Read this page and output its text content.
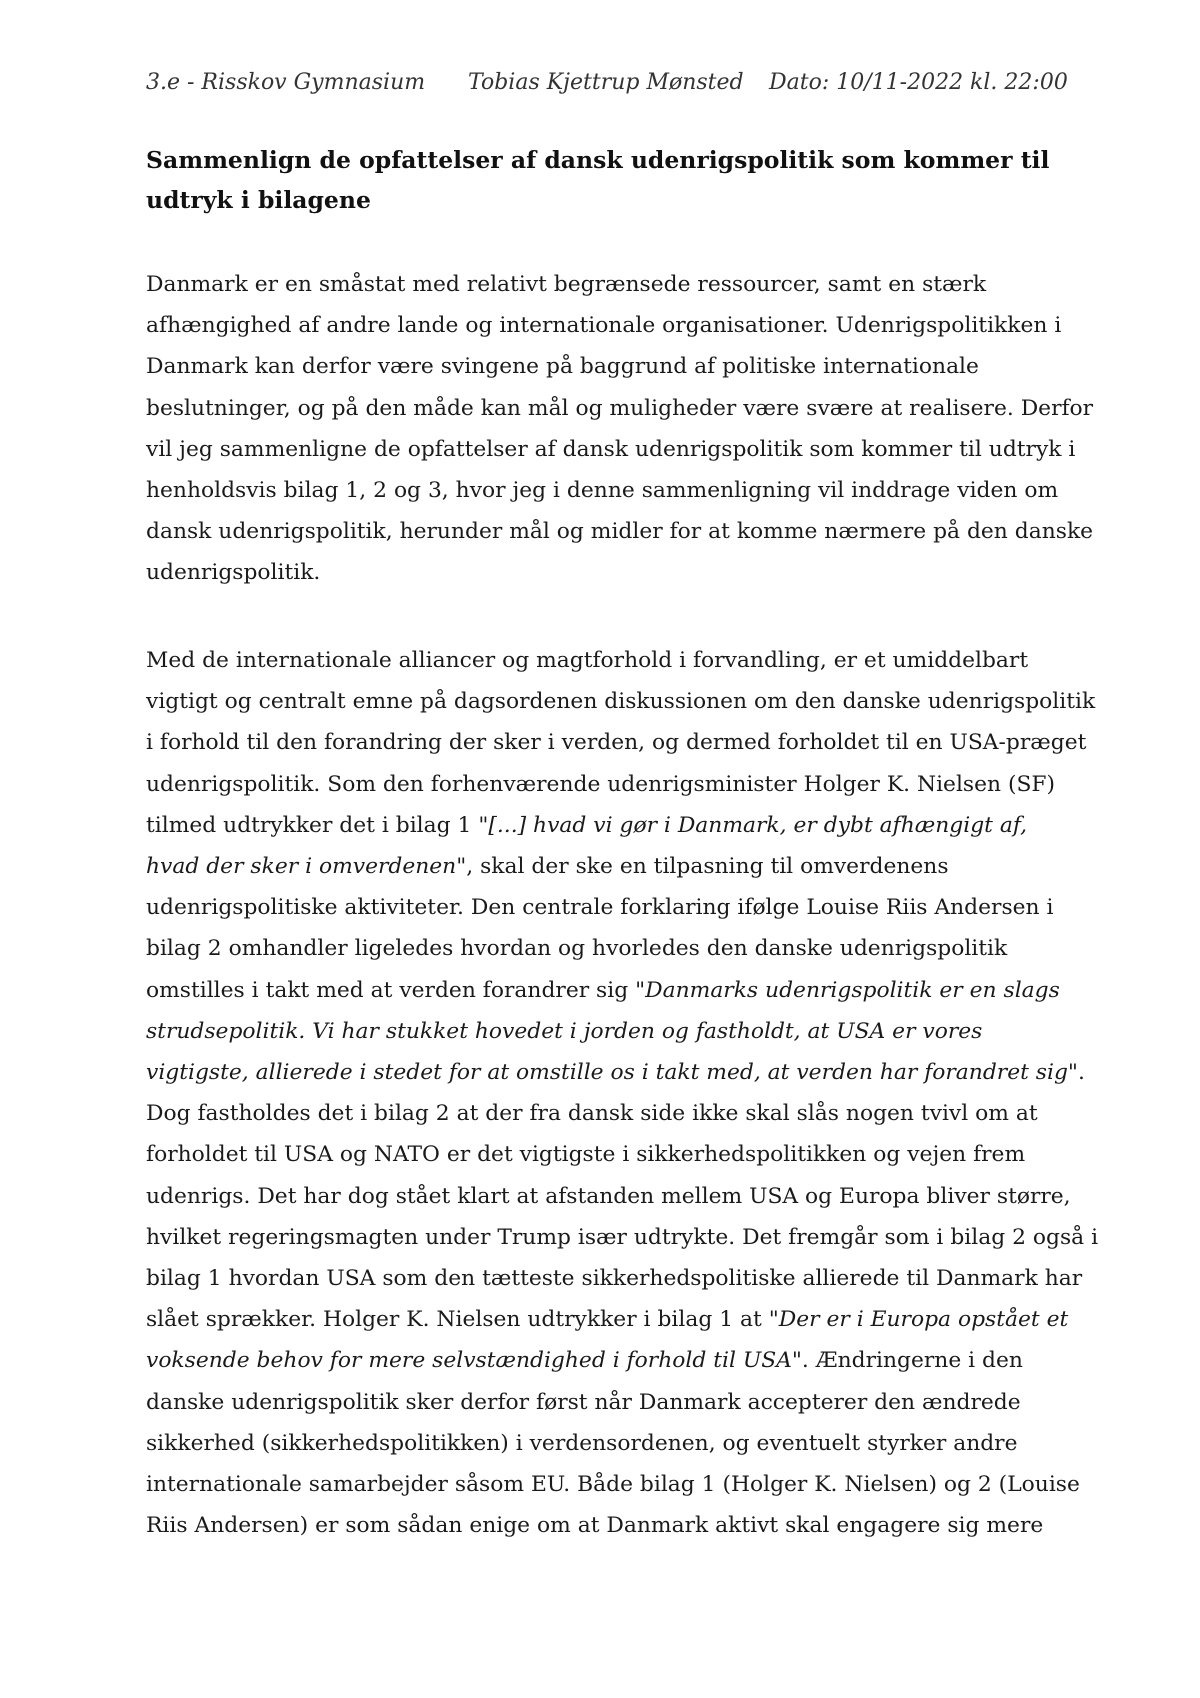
3.e - Risskov Gymnasium Tobias Kjettrup Mønsted Dato: 10/11-2022 kl. 22:00
Sammenlign de opfattelser af dansk udenrigspolitik som kommer til
udtryk i bilagene
Danmark er en småstat med relativt begrænsede ressourcer, samt en stærk
afhængighed af andre lande og internationale organisationer. Udenrigspolitikken i
Danmark kan derfor være svingene på baggrund af politiske internationale
beslutninger, og på den måde kan mål og muligheder være svære at realisere. Derfor
vil jeg sammenligne de opfattelser af dansk udenrigspolitik som kommer til udtryk i
henholdsvis bilag 1, 2 og 3, hvor jeg i denne sammenligning vil inddrage viden om
dansk udenrigspolitik, herunder mål og midler for at komme nærmere på den danske
udenrigspolitik.
Med de internationale alliancer og magtforhold i forvandling, er et umiddelbart
vigtigt og centralt emne på dagsordenen diskussionen om den danske udenrigspolitik
i forhold til den forandring der sker i verden, og dermed forholdet til en USA-præget
udenrigspolitik. Som den forhenværende udenrigsminister Holger K. Nielsen (SF)
tilmed udtrykker det i bilag 1 "[...] hvad vi gør i Danmark, er dybt afhængigt af,
hvad der sker i omverdenen", skal der ske en tilpasning til omverdenens
udenrigspolitiske aktiviteter. Den centrale forklaring ifølge Louise Riis Andersen i
bilag 2 omhandler ligeledes hvordan og hvorledes den danske udenrigspolitik
omstilles i takt med at verden forandrer sig "Danmarks udenrigspolitik er en slags
strudsepolitik. Vi har stukket hovedet i jorden og fastholdt, at USA er vores
vigtigste, allierede i stedet for at omstille os i takt med, at verden har forandret sig".
Dog fastholdes det i bilag 2 at der fra dansk side ikke skal slås nogen tvivl om at
forholdet til USA og NATO er det vigtigste i sikkerhedspolitikken og vejen frem
udenrigs. Det har dog stået klart at afstanden mellem USA og Europa bliver større,
hvilket regeringsmagten under Trump især udtrykte. Det fremgår som i bilag 2 også i
bilag 1 hvordan USA som den tætteste sikkerhedspolitiske allierede til Danmark har
slået sprækker. Holger K. Nielsen udtrykker i bilag 1 at "Der er i Europa opstået et
voksende behov for mere selvstændighed i forhold til USA". Ændringerne i den
danske udenrigspolitik sker derfor først når Danmark accepterer den ændrede
sikkerhed (sikkerhedspolitikken) i verdensordenen, og eventuelt styrker andre
internationale samarbejder såsom EU. Både bilag 1 (Holger K. Nielsen) og 2 (Louise
Riis Andersen) er som sådan enige om at Danmark aktivt skal engagere sig mere
